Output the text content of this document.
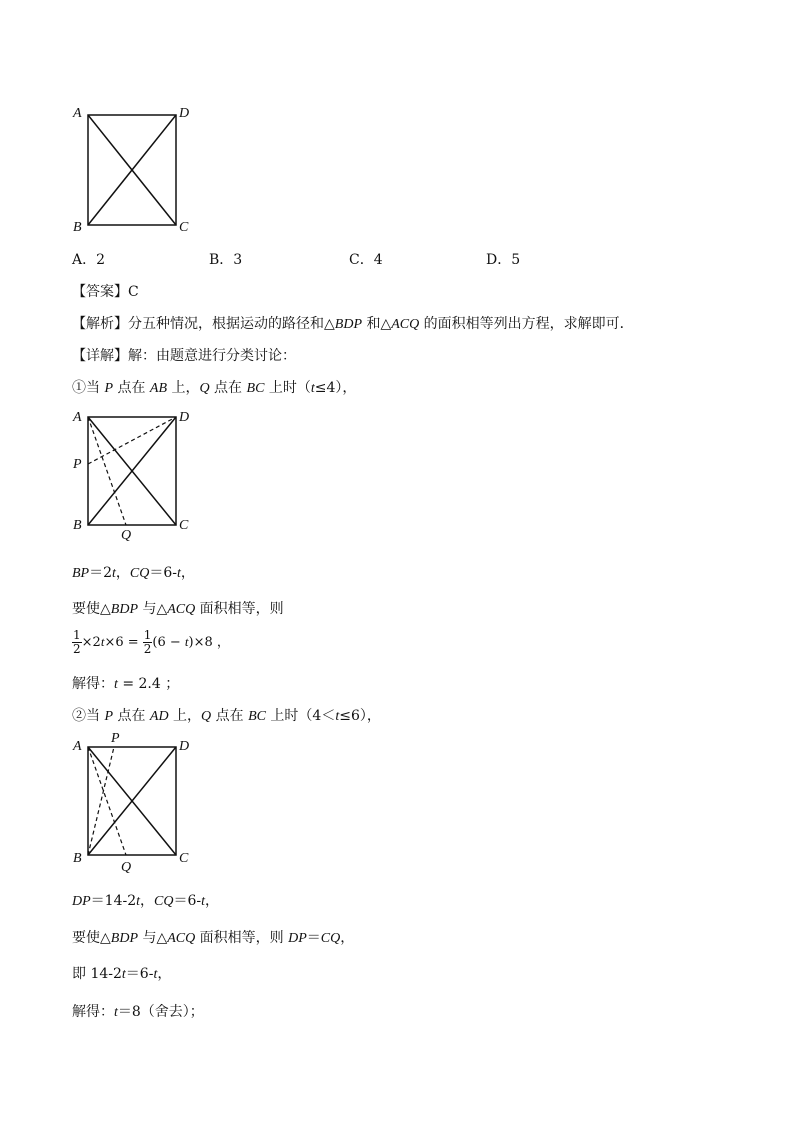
A	D
B	C
A．2	B．3	C．4	D．5
【答案】C
【解析】分五种情况，根据运动的路径和△BDP 和△ACQ 的面积相等列出方程，求解即可．
【详解】解：由题意进行分类讨论：
①当 P 点在 AB 上，Q 点在 BC 上时（t≤4），
A	D
P
B	C
Q
BP＝2t，CQ＝6-t，
要使△BDP 与△ACQ 面积相等，则
$\frac{1}{2} \times 2t\times 6 = \frac{1}{2} (6 - t)\times 8$ ，
解得：t = 2.4 ；
②当 P 点在 AD 上，Q 点在 BC 上时（4＜t≤6），
A
P
D
B	C
Q
DP＝14-2t，CQ＝6-t，
要使△BDP 与△ACQ 面积相等，则 DP＝CQ，
即 14-2t＝6-t，
解得：t＝8（舍去）；
